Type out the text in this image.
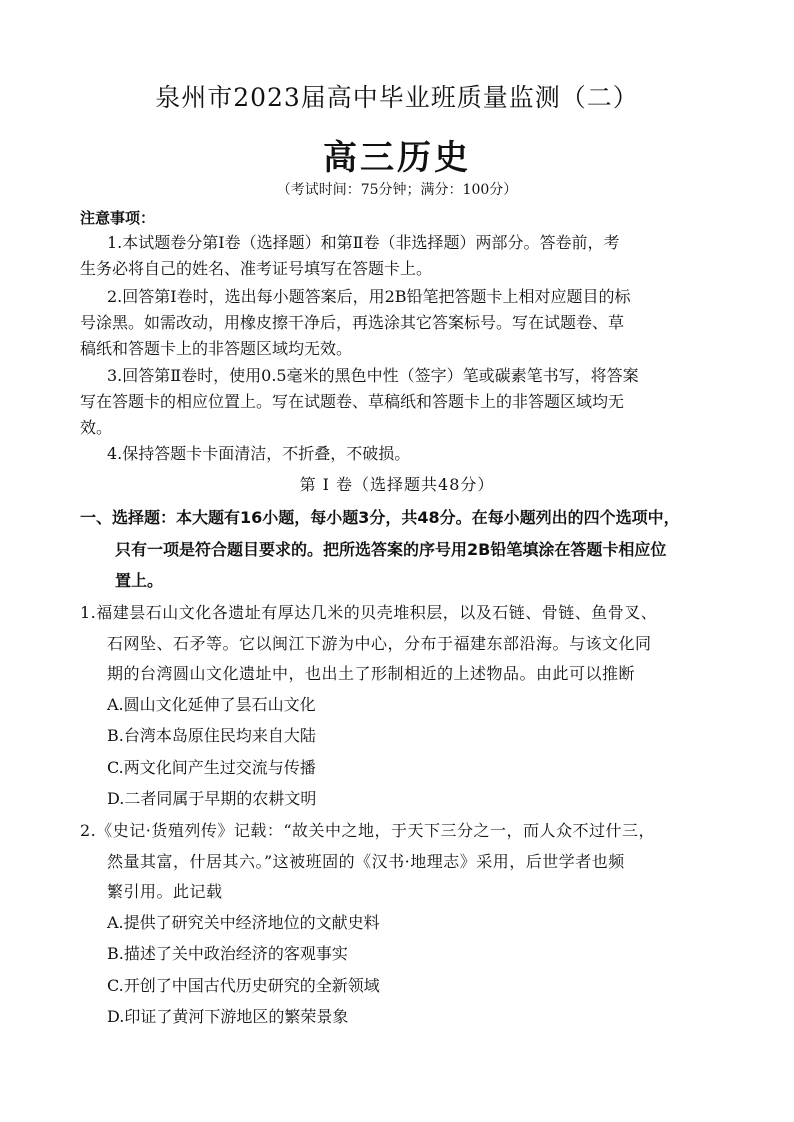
泉州市2023届高中毕业班质量监测（二）
高三历史
（考试时间：75分钟；满分：100分）
注意事项：
1.本试题卷分第Ⅰ卷（选择题）和第Ⅱ卷（非选择题）两部分。答卷前，考
生务必将自己的姓名、准考证号填写在答题卡上。
2.回答第Ⅰ卷时，选出每小题答案后，用2B铅笔把答题卡上相对应题目的标
号涂黑。如需改动，用橡皮擦干净后，再选涂其它答案标号。写在试题卷、草
稿纸和答题卡上的非答题区域均无效。
3.回答第Ⅱ卷时，使用0.5毫米的黑色中性（签字）笔或碳素笔书写，将答案
写在答题卡的相应位置上。写在试题卷、草稿纸和答题卡上的非答题区域均无
效。
4.保持答题卡卡面清洁，不折叠，不破损。
第 Ⅰ 卷（选择题共48分）
一、选择题：本大题有16小题，每小题3分，共48分。在每小题列出的四个选项中，
只有一项是符合题目要求的。把所选答案的序号用2B铅笔填涂在答题卡相应位
置上。
1.福建昙石山文化各遗址有厚达几米的贝壳堆积层，以及石链、骨链、鱼骨叉、
石网坠、石矛等。它以闽江下游为中心，分布于福建东部沿海。与该文化同
期的台湾圆山文化遗址中，也出土了形制相近的上述物品。由此可以推断
A.圆山文化延伸了昙石山文化
B.台湾本岛原住民均来自大陆
C.两文化间产生过交流与传播
D.二者同属于早期的农耕文明
2.《史记·货殖列传》记载：“故关中之地，于天下三分之一，而人众不过什三，
然量其富，什居其六。”这被班固的《汉书·地理志》采用，后世学者也频
繁引用。此记载
A.提供了研究关中经济地位的文献史料
B.描述了关中政治经济的客观事实
C.开创了中国古代历史研究的全新领域
D.印证了黄河下游地区的繁荣景象
